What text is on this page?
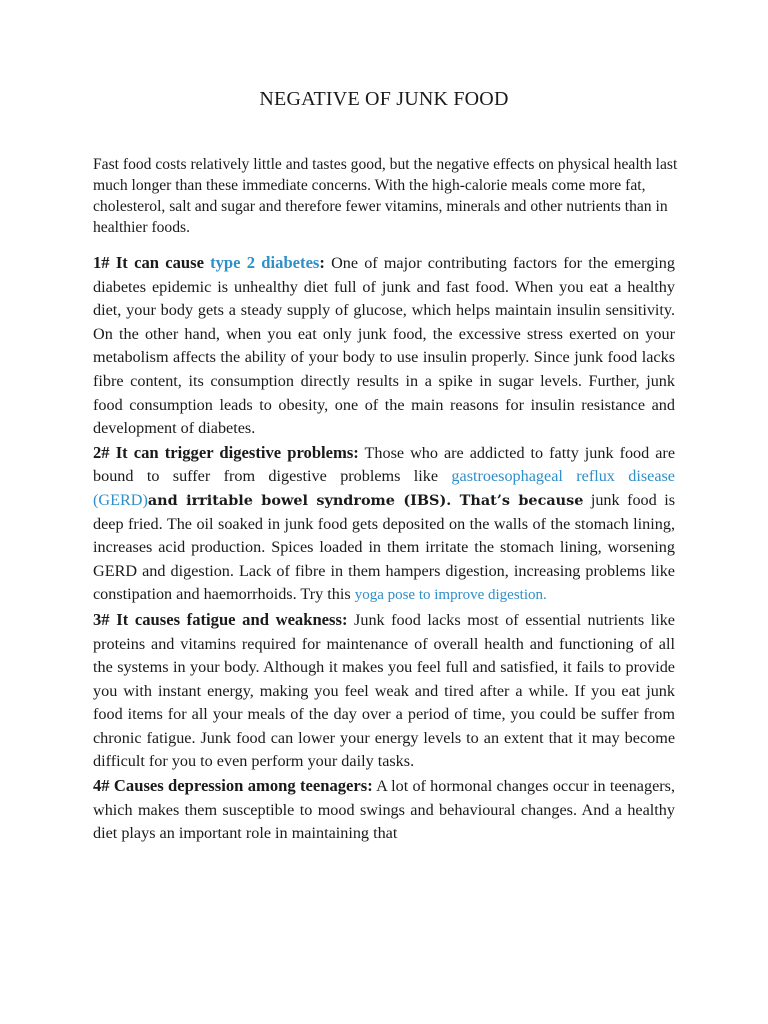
NEGATIVE OF JUNK FOOD

Fast food costs relatively little and tastes good, but the negative effects on physical health last much longer than these immediate concerns. With the high-calorie meals come more fat, cholesterol, salt and sugar and therefore fewer vitamins, minerals and other nutrients than in healthier foods.

1# It can cause type 2 diabetes: One of major contributing factors for the emerging diabetes epidemic is unhealthy diet full of junk and fast food. When you eat a healthy diet, your body gets a steady supply of glucose, which helps maintain insulin sensitivity. On the other hand, when you eat only junk food, the excessive stress exerted on your metabolism affects the ability of your body to use insulin properly. Since junk food lacks fibre content, its consumption directly results in a spike in sugar levels. Further, junk food consumption leads to obesity, one of the main reasons for insulin resistance and development of diabetes.

2# It can trigger digestive problems: Those who are addicted to fatty junk food are bound to suffer from digestive problems like gastroesophageal reflux disease (GERD)and irritable bowel syndrome (IBS). That’s because junk food is deep fried. The oil soaked in junk food gets deposited on the walls of the stomach lining, increases acid production. Spices loaded in them irritate the stomach lining, worsening GERD and digestion. Lack of fibre in them hampers digestion, increasing problems like constipation and haemorrhoids. Try this yoga pose to improve digestion.

3# It causes fatigue and weakness: Junk food lacks most of essential nutrients like proteins and vitamins required for maintenance of overall health and functioning of all the systems in your body. Although it makes you feel full and satisfied, it fails to provide you with instant energy, making you feel weak and tired after a while. If you eat junk food items for all your meals of the day over a period of time, you could be suffer from chronic fatigue. Junk food can lower your energy levels to an extent that it may become difficult for you to even perform your daily tasks.

4# Causes depression among teenagers: A lot of hormonal changes occur in teenagers, which makes them susceptible to mood swings and behavioural changes. And a healthy diet plays an important role in maintaining that
